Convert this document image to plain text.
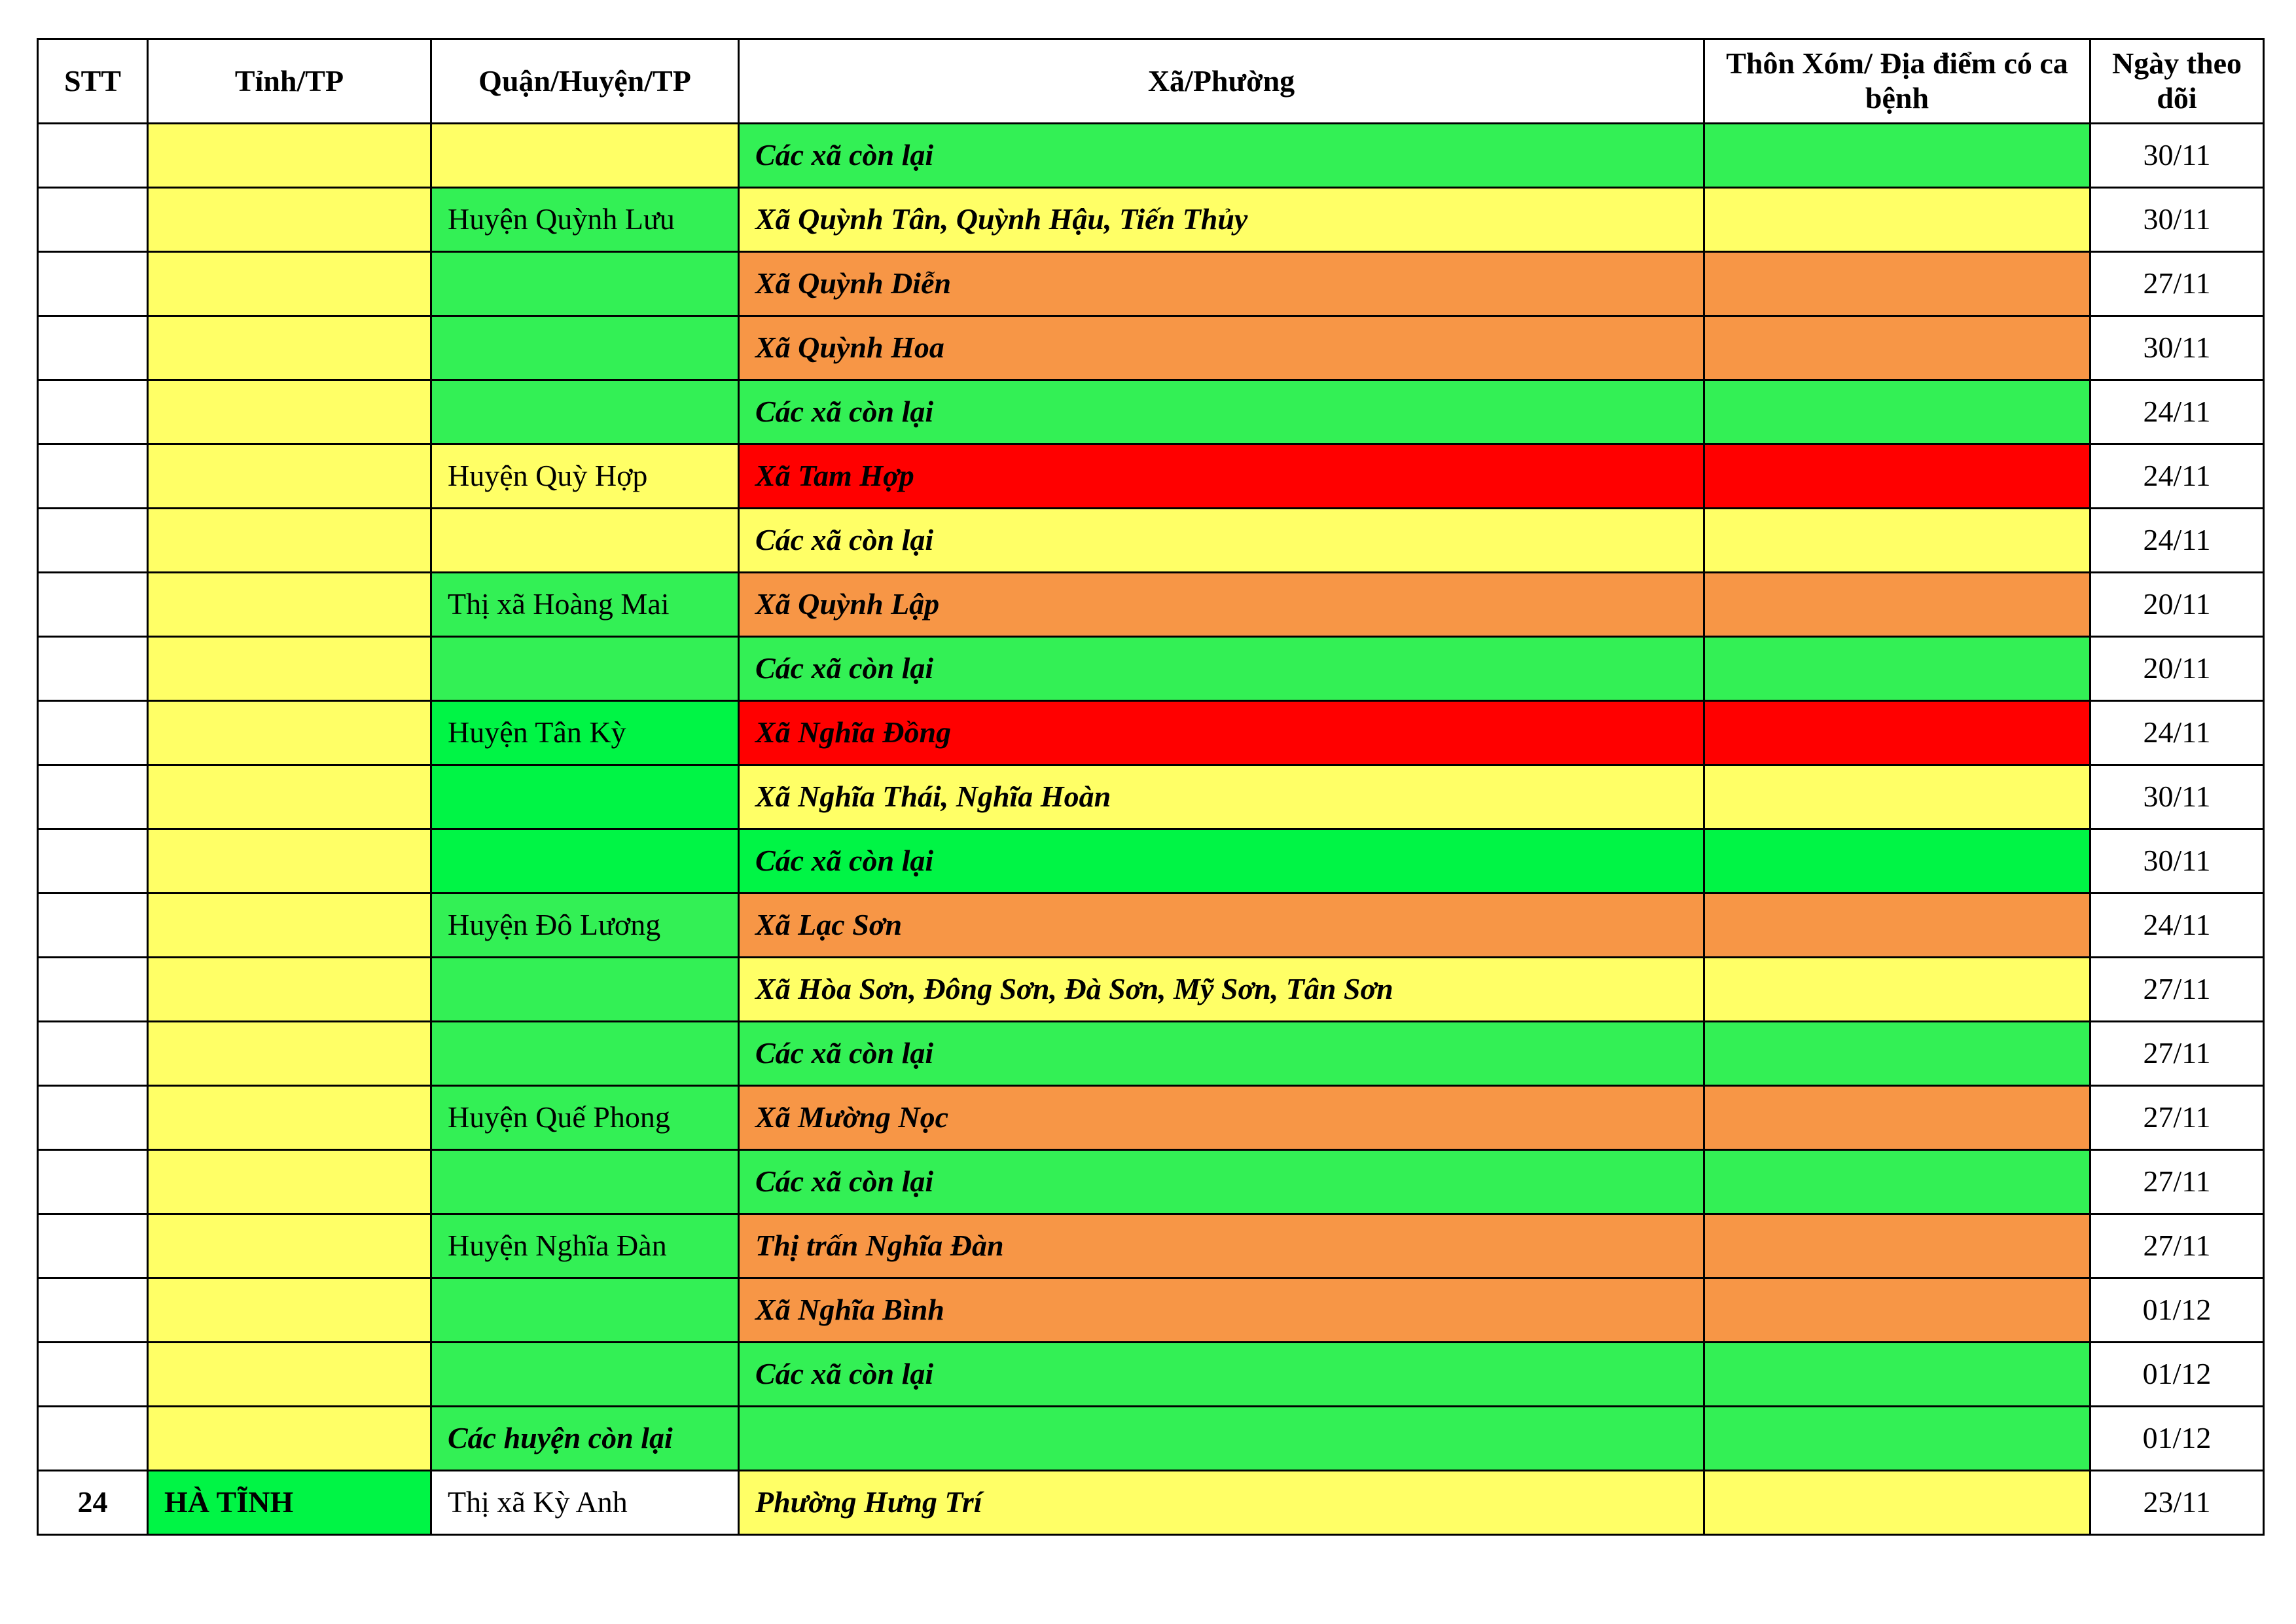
STT	Tỉnh/TP	Quận/Huyện/TP	Xã/Phường	Thôn Xóm/ Địa điểm có ca bệnh	Ngày theo dõi
			Các xã còn lại		30/11
		Huyện Quỳnh Lưu	Xã Quỳnh Tân, Quỳnh Hậu, Tiến Thủy		30/11
			Xã Quỳnh Diễn		27/11
			Xã Quỳnh Hoa		30/11
			Các xã còn lại		24/11
		Huyện Quỳ Hợp	Xã Tam Hợp		24/11
			Các xã còn lại		24/11
		Thị xã Hoàng Mai	Xã Quỳnh Lập		20/11
			Các xã còn lại		20/11
		Huyện Tân Kỳ	Xã Nghĩa Đồng		24/11
			Xã Nghĩa Thái, Nghĩa Hoàn		30/11
			Các xã còn lại		30/11
		Huyện Đô Lương	Xã Lạc Sơn		24/11
			Xã Hòa Sơn, Đông Sơn, Đà Sơn, Mỹ Sơn, Tân Sơn		27/11
			Các xã còn lại		27/11
		Huyện Quế Phong	Xã Mường Nọc		27/11
			Các xã còn lại		27/11
		Huyện Nghĩa Đàn	Thị trấn Nghĩa Đàn		27/11
			Xã Nghĩa Bình		01/12
			Các xã còn lại		01/12
		Các huyện còn lại			01/12
24	HÀ TĨNH	Thị xã Kỳ Anh	Phường Hưng Trí		23/11
